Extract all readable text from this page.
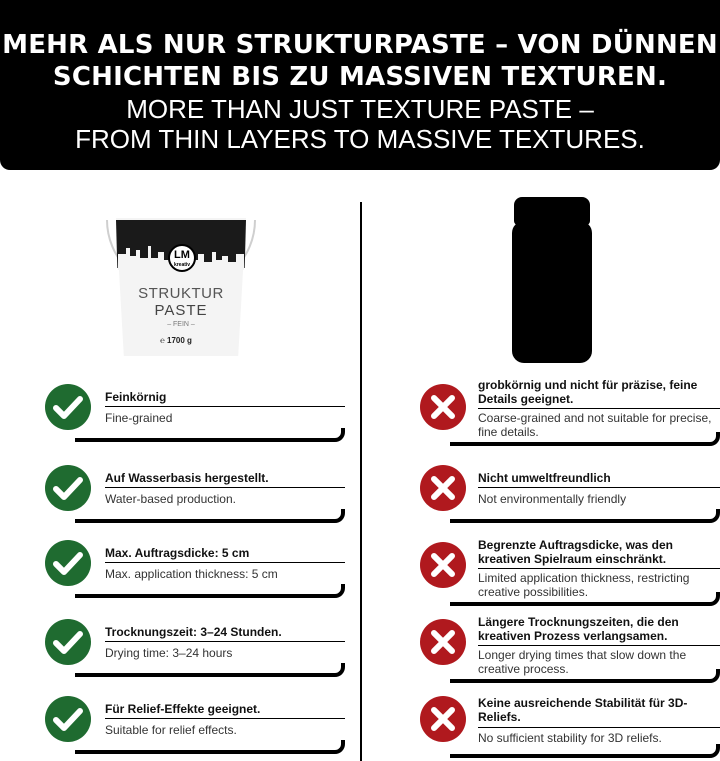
MEHR ALS NUR STRUKTURPASTE – VON DÜNNEN
SCHICHTEN BIS ZU MASSIVEN TEXTUREN.
MORE THAN JUST TEXTURE PASTE –
FROM THIN LAYERS TO MASSIVE TEXTURES.
LM
kreativ
STRUKTUR
PASTE
– FEIN –
℮ 1700 g
Feinkörnig
Fine-grained
Auf Wasserbasis hergestellt.
Water-based production.
Max. Auftragsdicke: 5 cm
Max. application thickness: 5 cm
Trocknungszeit: 3–24 Stunden.
Drying time: 3–24 hours
Für Relief-Effekte geeignet.
Suitable for relief effects.
grobkörnig und nicht für präzise, feine Details geeignet.
Coarse-grained and not suitable for precise, fine details.
Nicht umweltfreundlich
Not environmentally friendly
Begrenzte Auftragsdicke, was den kreativen Spielraum einschränkt.
Limited application thickness, restricting creative possibilities.
Längere Trocknungszeiten, die den kreativen Prozess verlangsamen.
Longer drying times that slow down the creative process.
Keine ausreichende Stabilität für 3D-Reliefs.
No sufficient stability for 3D reliefs.
